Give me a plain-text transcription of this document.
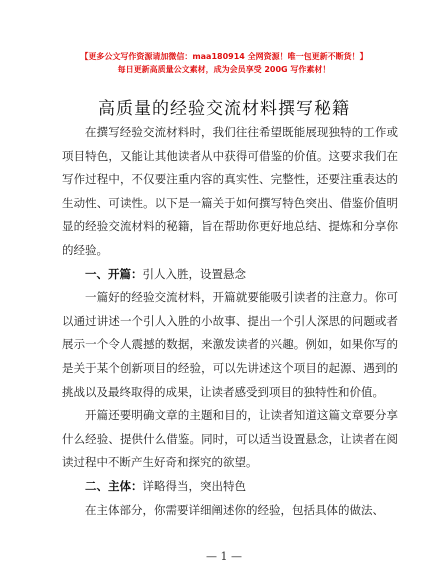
【更多公文写作资源请加微信：maa180914 全网资源！唯一包更新不断货！】
每日更新高质量公文素材，成为会员享受 200G 写作素材！
高质量的经验交流材料撰写秘籍

在撰写经验交流材料时，我们往往希望既能展现独特的工作或项目特色，又能让其他读者从中获得可借鉴的价值。这要求我们在写作过程中，不仅要注重内容的真实性、完整性，还要注重表达的生动性、可读性。以下是一篇关于如何撰写特色突出、借鉴价值明显的经验交流材料的秘籍，旨在帮助你更好地总结、提炼和分享你的经验。

一、开篇：引人入胜，设置悬念

一篇好的经验交流材料，开篇就要能吸引读者的注意力。你可以通过讲述一个引人入胜的小故事、提出一个引人深思的问题或者展示一个令人震撼的数据，来激发读者的兴趣。例如，如果你写的是关于某个创新项目的经验，可以先讲述这个项目的起源、遇到的挑战以及最终取得的成果，让读者感受到项目的独特性和价值。

开篇还要明确文章的主题和目的，让读者知道这篇文章要分享什么经验、提供什么借鉴。同时，可以适当设置悬念，让读者在阅读过程中不断产生好奇和探究的欲望。

二、主体：详略得当，突出特色

在主体部分，你需要详细阐述你的经验，包括具体的做法、

— 1 —
